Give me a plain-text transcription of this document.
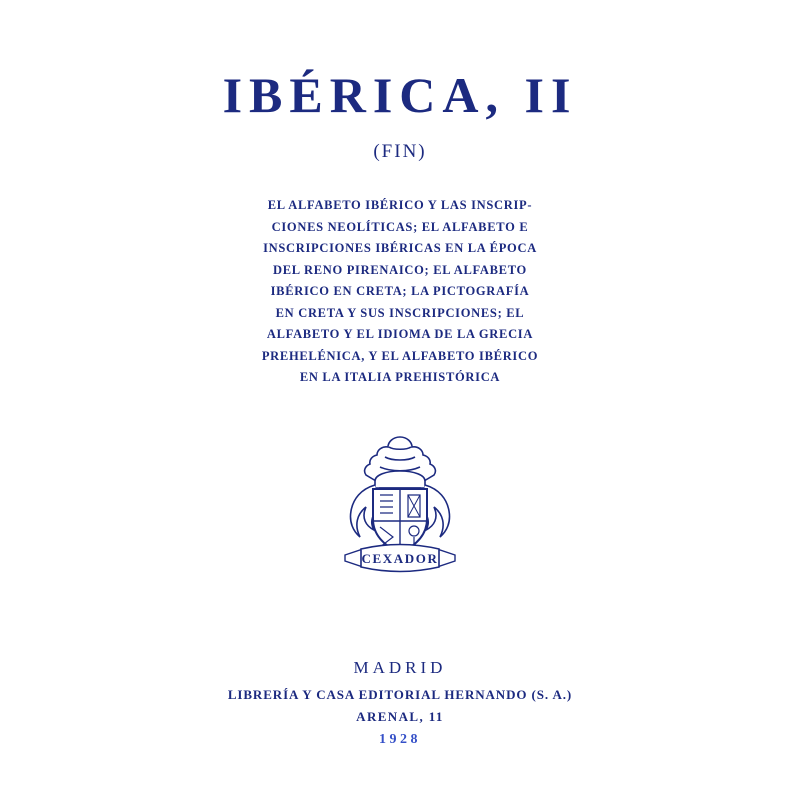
IBÉRICA, II
(FIN)
EL ALFABETO IBÉRICO Y LAS INSCRIP-
CIONES NEOLÍTICAS; EL ALFABETO E
INSCRIPCIONES IBÉRICAS EN LA ÉPOCA
DEL RENO PIRENAICO; EL ALFABETO
IBÉRICO EN CRETA; LA PICTOGRAFÍA
EN CRETA Y SUS INSCRIPCIONES; EL
ALFABETO Y EL IDIOMA DE LA GRECIA
PREHELÉNICA, Y EL ALFABETO IBÉRICO
EN LA ITALIA PREHISTÓRICA
CEXADOR
MADRID
LIBRERÍA Y CASA EDITORIAL HERNANDO (S. A.)
ARENAL, 11
1928
